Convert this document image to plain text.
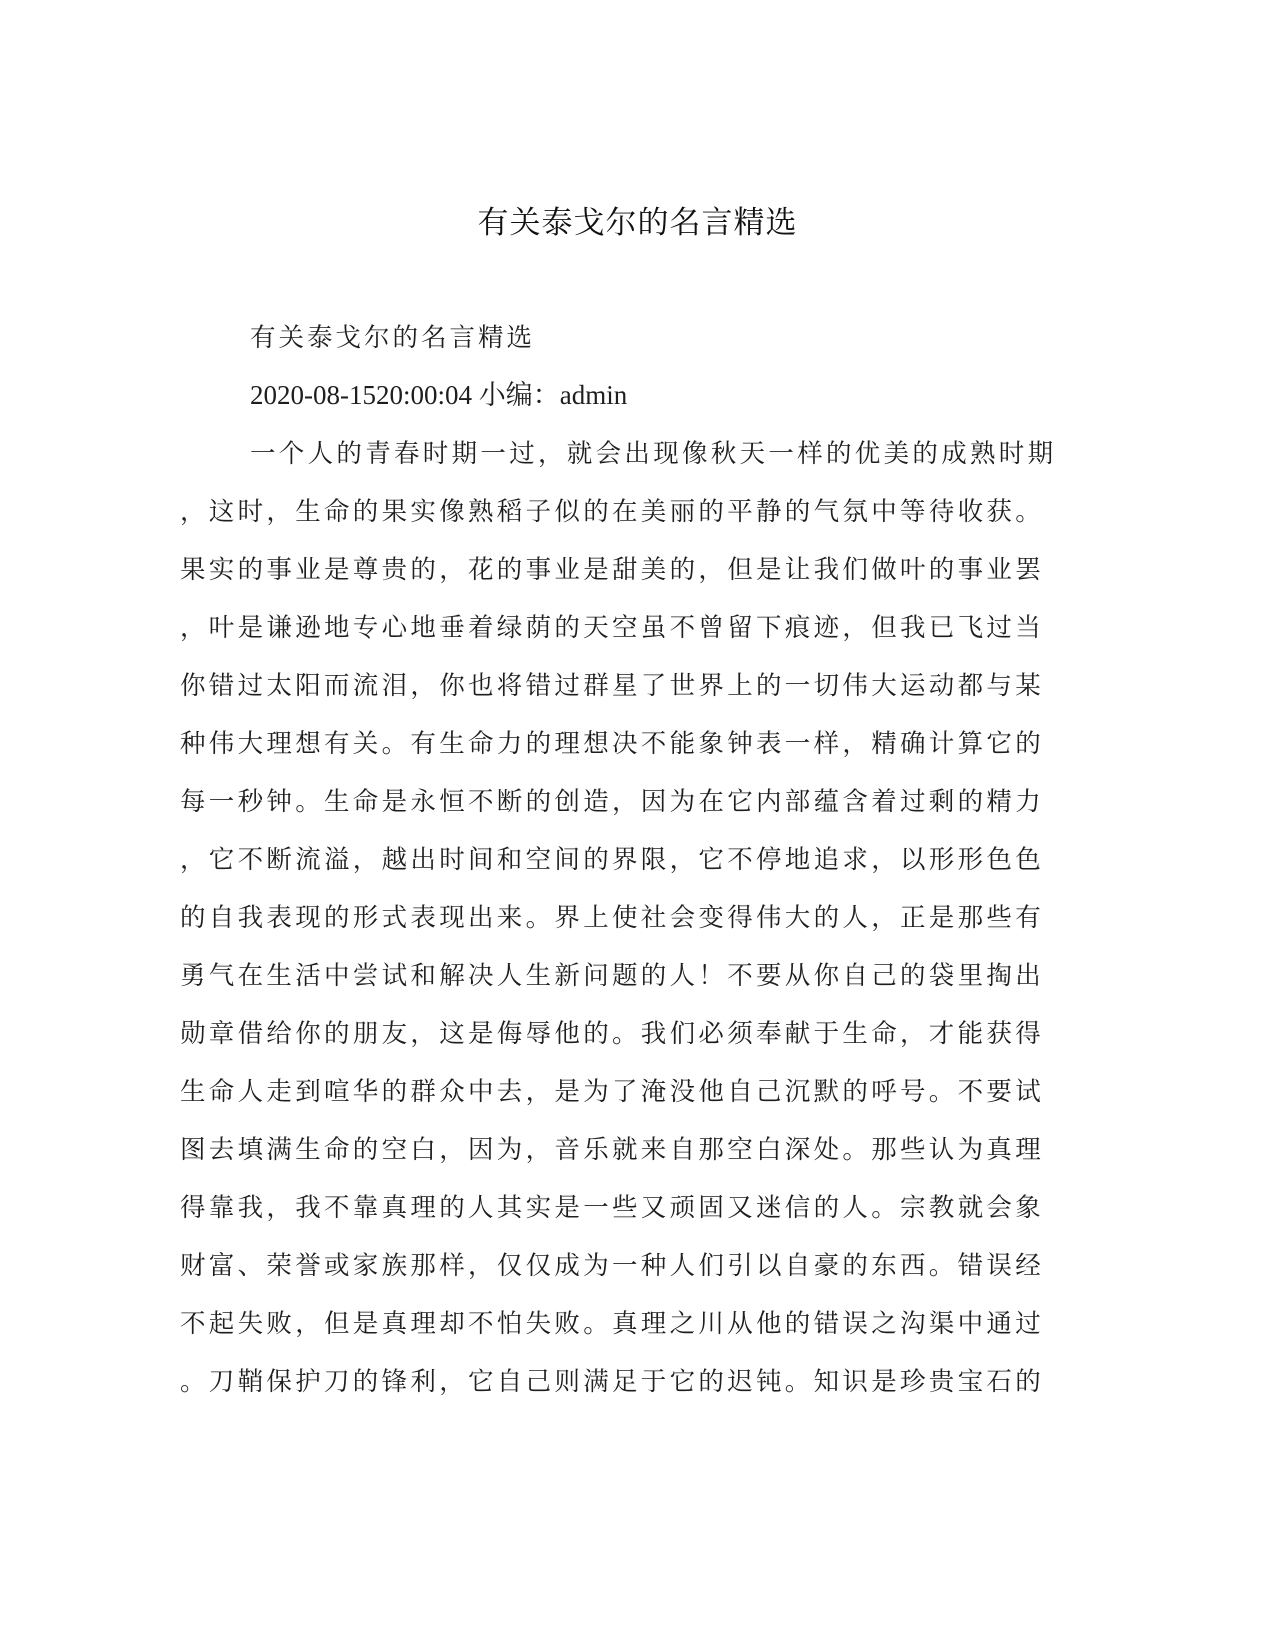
有关泰戈尔的名言精选
有关泰戈尔的名言精选
2020-08-1520:00:04 小编：admin
一个人的青春时期一过，就会出现像秋天一样的优美的成熟时期
，这时，生命的果实像熟稻子似的在美丽的平静的气氛中等待收获。
果实的事业是尊贵的，花的事业是甜美的，但是让我们做叶的事业罢
，叶是谦逊地专心地垂着绿荫的天空虽不曾留下痕迹，但我已飞过当
你错过太阳而流泪，你也将错过群星了世界上的一切伟大运动都与某
种伟大理想有关。有生命力的理想决不能象钟表一样，精确计算它的
每一秒钟。生命是永恒不断的创造，因为在它内部蕴含着过剩的精力
，它不断流溢，越出时间和空间的界限，它不停地追求，以形形色色
的自我表现的形式表现出来。界上使社会变得伟大的人，正是那些有
勇气在生活中尝试和解决人生新问题的人！不要从你自己的袋里掏出
勋章借给你的朋友，这是侮辱他的。我们必须奉献于生命，才能获得
生命人走到喧华的群众中去，是为了淹没他自己沉默的呼号。不要试
图去填满生命的空白，因为，音乐就来自那空白深处。那些认为真理
得靠我，我不靠真理的人其实是一些又顽固又迷信的人。宗教就会象
财富、荣誉或家族那样，仅仅成为一种人们引以自豪的东西。错误经
不起失败，但是真理却不怕失败。真理之川从他的错误之沟渠中通过
。刀鞘保护刀的锋利，它自己则满足于它的迟钝。知识是珍贵宝石的
